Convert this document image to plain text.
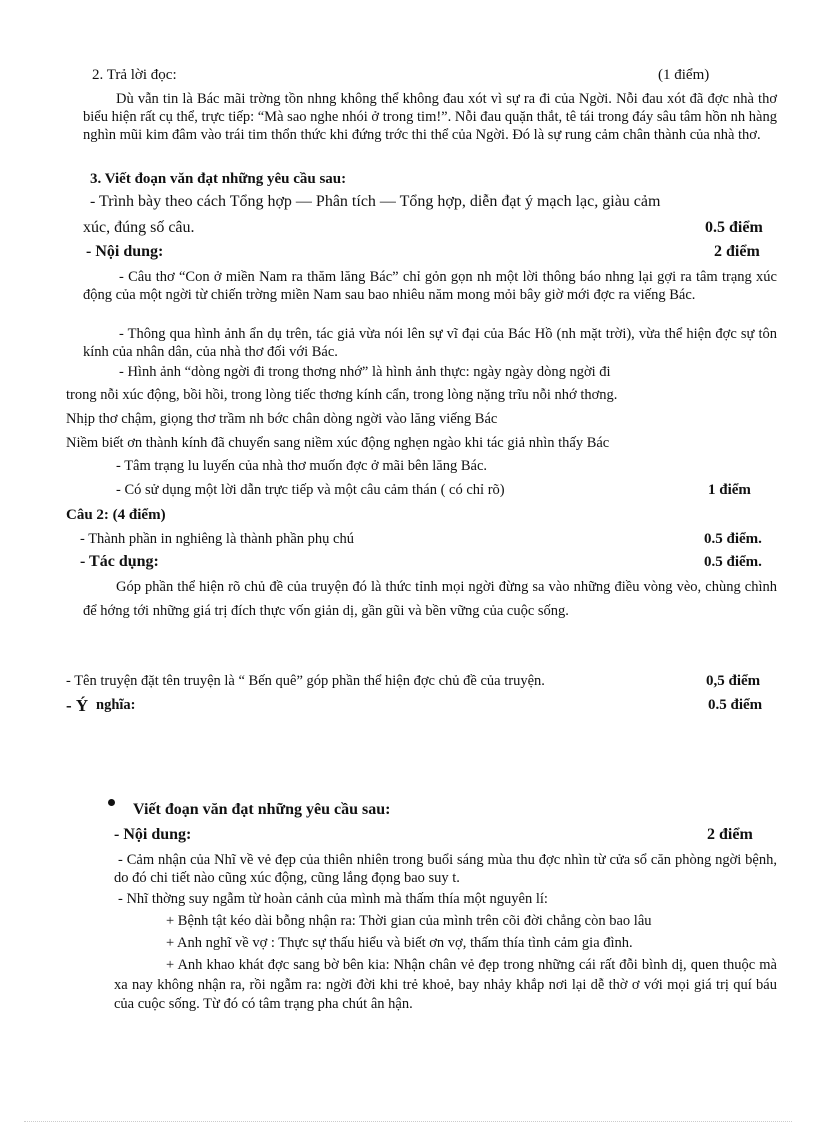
2. Trả lời đọc:	(1 điểm)
Dù vẫn tin là Bác mãi trờng tồn nhng không thể không đau xót vì sự ra đi của Ngời. Nỗi đau xót đã đợc nhà thơ biểu hiện rất cụ thể, trực tiếp: “Mà sao nghe nhói ở trong tim!”. Nỗi đau quặn thắt, tê tái trong đáy sâu tâm hồn nh hàng nghìn mũi kim đâm vào trái tim thổn thức khi đứng trớc thi thể của Ngời. Đó là sự rung cảm chân thành của nhà thơ.
3. Viết đoạn văn đạt những yêu cầu sau:
- Trình bày theo cách Tổng hợp — Phân tích — Tổng hợp, diễn đạt ý mạch lạc, giàu cảm
xúc, đúng số câu.	0.5 điểm
- Nội dung:	2 điểm
- Câu thơ “Con ở miền Nam ra thăm lăng Bác” chỉ gỏn gọn nh một lời thông báo nhng lại gợi ra tâm trạng xúc động của một ngời từ chiến trờng miền Nam sau bao nhiêu năm mong mỏi bây giờ mới đợc ra viếng Bác.
- Thông qua hình ảnh ẩn dụ trên, tác giả vừa nói lên sự vĩ đại của Bác Hồ (nh mặt trời), vừa thể hiện đợc sự tôn kính của nhân dân, của nhà thơ đối với Bác.
- Hình ảnh “dòng ngời đi trong thơng nhớ” là hình ảnh thực: ngày ngày dòng ngời đi
trong nỗi xúc động, bồi hồi, trong lòng tiếc thơng kính cẩn, trong lòng nặng trĩu nỗi nhớ thơng.
Nhịp thơ chậm, giọng thơ trầm nh bớc chân dòng ngời vào lăng viếng Bác
Niềm biết ơn thành kính đã chuyển sang niềm xúc động nghẹn ngào khi tác giả nhìn thấy Bác
- Tâm trạng lu luyến của nhà thơ muốn đợc ở mãi bên lăng Bác.
- Có sử dụng một lời dẫn trực tiếp và một câu cảm thán ( có chỉ rõ)	1 điểm
Câu 2: (4 điểm)
- Thành phần in nghiêng là thành phần phụ chú	0.5 điểm.
- Tác dụng:	0.5 điểm.
Góp phần thể hiện rõ chủ đề của truyện đó là thức tỉnh mọi ngời đừng sa vào những điều vòng vèo, chùng chình để hớng tới những giá trị đích thực vốn giản dị, gần gũi và bền vững của cuộc sống.
- Tên truyện đặt tên truyện là “ Bến quê” góp phần thể hiện đợc chủ đề của truyện.	0,5 điểm
- Ý nghĩa:	0.5 điểm
Viết đoạn văn đạt những yêu cầu sau:
- Nội dung:	2 điểm
- Cảm nhận của Nhĩ về vẻ đẹp của thiên nhiên trong buổi sáng mùa thu đợc nhìn từ cửa sổ căn phòng ngời bệnh, do đó chi tiết nào cũng xúc động, cũng lắng đọng bao suy t.
- Nhĩ thờng suy ngẫm từ hoàn cảnh của mình mà thấm thía một nguyên lí:
+ Bệnh tật kéo dài bỗng nhận ra: Thời gian của mình trên cõi đời chẳng còn bao lâu
+ Anh nghĩ về vợ : Thực sự thấu hiểu và biết ơn vợ, thấm thía tình cảm gia đình.
+ Anh khao khát đợc sang bờ bên kia: Nhận chân vẻ đẹp trong những cái rất đỗi bình dị, quen thuộc mà xa nay không nhận ra, rồi ngẫm ra: ngời đời khi trẻ khoẻ, bay nhảy khắp nơi lại dễ thờ ơ với mọi giá trị quí báu của cuộc sống. Từ đó có tâm trạng pha chút ân hận.
